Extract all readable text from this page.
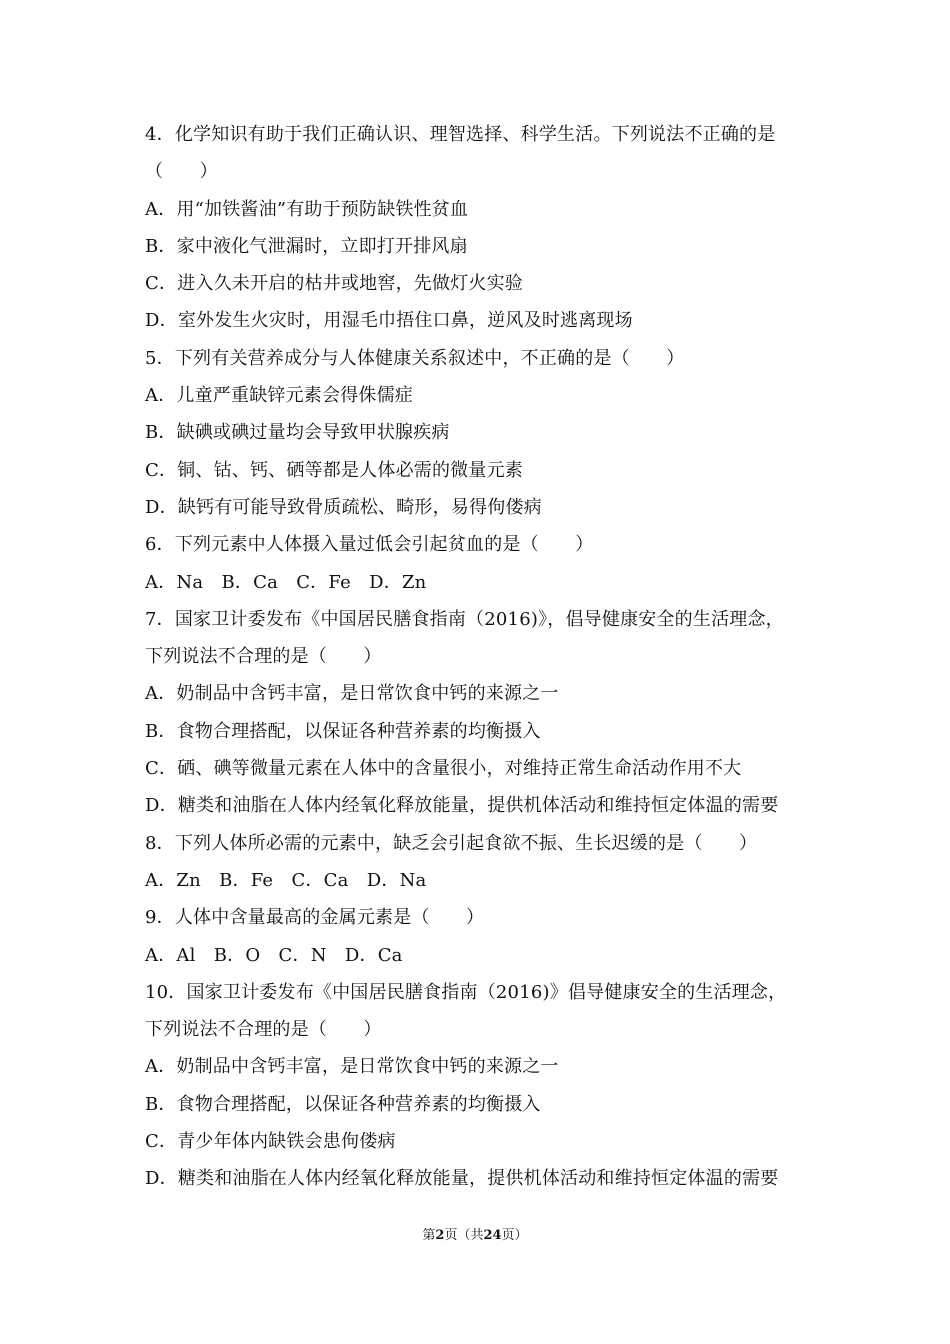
4．化学知识有助于我们正确认识、理智选择、科学生活。下列说法不正确的是
（　　）
A．用“加铁酱油”有助于预防缺铁性贫血
B．家中液化气泄漏时，立即打开排风扇
C．进入久未开启的枯井或地窖，先做灯火实验
D．室外发生火灾时，用湿毛巾捂住口鼻，逆风及时逃离现场
5．下列有关营养成分与人体健康关系叙述中，不正确的是（　　）
A．儿童严重缺锌元素会得侏儒症
B．缺碘或碘过量均会导致甲状腺疾病
C．铜、钴、钙、硒等都是人体必需的微量元素
D．缺钙有可能导致骨质疏松、畸形，易得佝偻病
6．下列元素中人体摄入量过低会引起贫血的是（　　）
A．Na　B．Ca　C．Fe　D．Zn
7．国家卫计委发布《中国居民膳食指南（2016)》，倡导健康安全的生活理念，
下列说法不合理的是（　　）
A．奶制品中含钙丰富，是日常饮食中钙的来源之一
B．食物合理搭配，以保证各种营养素的均衡摄入
C．硒、碘等微量元素在人体中的含量很小，对维持正常生命活动作用不大
D．糖类和油脂在人体内经氧化释放能量，提供机体活动和维持恒定体温的需要
8．下列人体所必需的元素中，缺乏会引起食欲不振、生长迟缓的是（　　）
A．Zn　B．Fe　C．Ca　D．Na
9．人体中含量最高的金属元素是（　　）
A．Al　B．O　C．N　D．Ca
10．国家卫计委发布《中国居民膳食指南（2016)》倡导健康安全的生活理念，
下列说法不合理的是（　　）
A．奶制品中含钙丰富，是日常饮食中钙的来源之一
B．食物合理搭配，以保证各种营养素的均衡摄入
C．青少年体内缺铁会患佝偻病
D．糖类和油脂在人体内经氧化释放能量，提供机体活动和维持恒定体温的需要
第2页（共24页）
